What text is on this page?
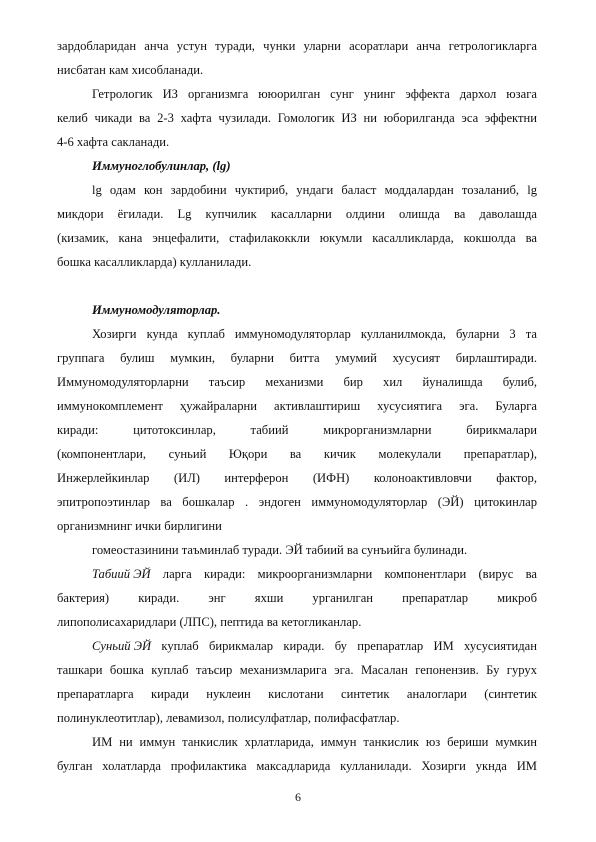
зардобларидан анча устун туради, чунки уларни асоратлари анча гетрологикларга
нисбатан кам хисобланади.
Гетрологик ИЗ организмга ююорилган сунг унинг эффекта дархол юзага
келиб чикади ва 2-3 хафта чузилади. Гомологик ИЗ ни юборилганда эса эффектни
4-6 хафта сакланади.
Иммуноглобулинлар, (lg)
lg одам кон зардобини чуктириб, ундаги баласт моддалардан тозаланиб, lg
микдори ёгилади. Lg купчилик касалларни олдини олишда ва даволашда
(кизамик, кана энцефалити, стафилакоккли юкумли касалликларда, кокшолда ва
бошка касалликларда) кулланилади.
Иммуномодуляторлар.
Хозирги кунда куплаб иммуномодуляторлар кулланилмокда, буларни 3 та
группага булиш мумкин, буларни битта умумий хусусият бирлаштиради.
Иммуномодуляторларни таъсир механизми бир хил йуналишда булиб,
иммунокомплемент ҳужайраларни активлаштириш хусусиятига эга. Буларга
киради: цитотоксинлар, табиий микрорганизмларни бирикмалари
(компонентлари, суньий Юқори ва кичик молекулали препаратлар),
Инжерлейкинлар (ИЛ) интерферон (ИФН) колоноактивловчи фактор,
эпитропоэтинлар ва бошкалар . эндоген иммуномодуляторлар (ЭЙ) цитокинлар
организмнинг ички бирлигини
гомеостазинини таъминлаб туради. ЭЙ табиий ва сунъийга булинади.
Табиий ЭЙ ларга киради: микроорганизмларни компонентлари (вирус ва
бактерия) киради. энг яхши урганилган препаратлар микроб
липополисахаридлари (ЛПС), пептида ва кетогликанлар.
Суньий ЭЙ куплаб бирикмалар киради. бу препаратлар ИМ хусусиятидан
ташкари бошка куплаб таъсир механизмларига эга. Масалан гепонензив. Бу гурух
препаратларга киради нуклеин кислотани синтетик аналоглари (синтетик
полинуклеотитлар), левамизол, полисулфатлар, полифасфатлар.
ИМ ни иммун танкислик хрлатларида, иммун танкислик юз бериши мумкин
булган холатларда профилактика максадларида кулланилади. Хозирги укнда ИМ
6
